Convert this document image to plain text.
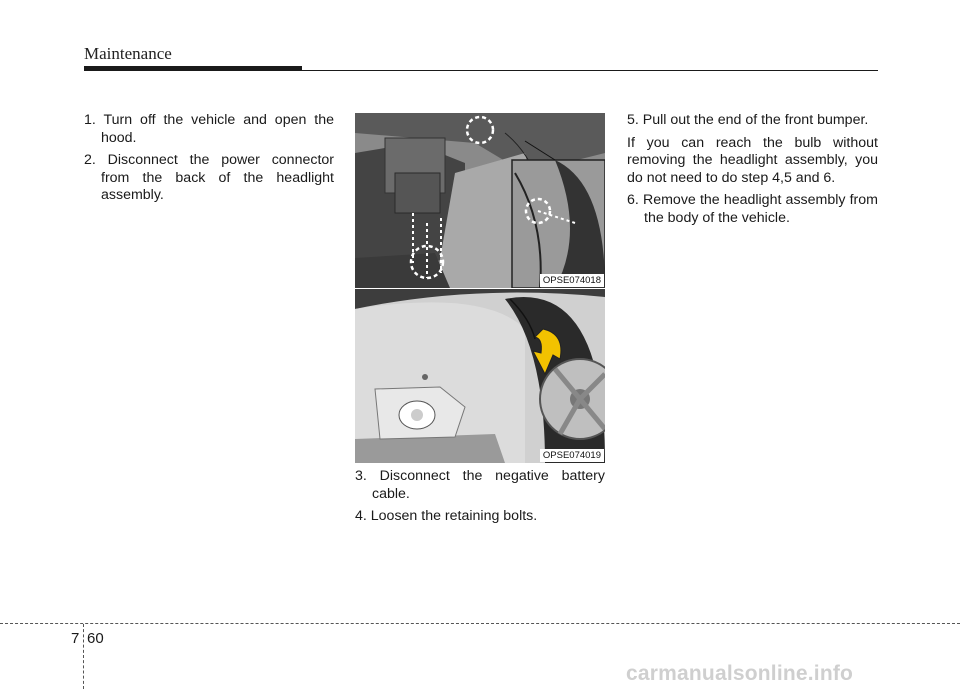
Maintenance

1. Turn off the vehicle and open the hood.

2. Disconnect the power connector from the back of the headlight assembly.

OPSE074018
OPSE074019

3. Disconnect the negative battery cable.

4. Loosen the retaining bolts.

5. Pull out the end of the front bumper.

If you can reach the bulb without removing the headlight assembly, you do not need to do step 4,5 and 6.

6. Remove the headlight assembly from the body of the vehicle.

7 60
carmanualsonline.info
